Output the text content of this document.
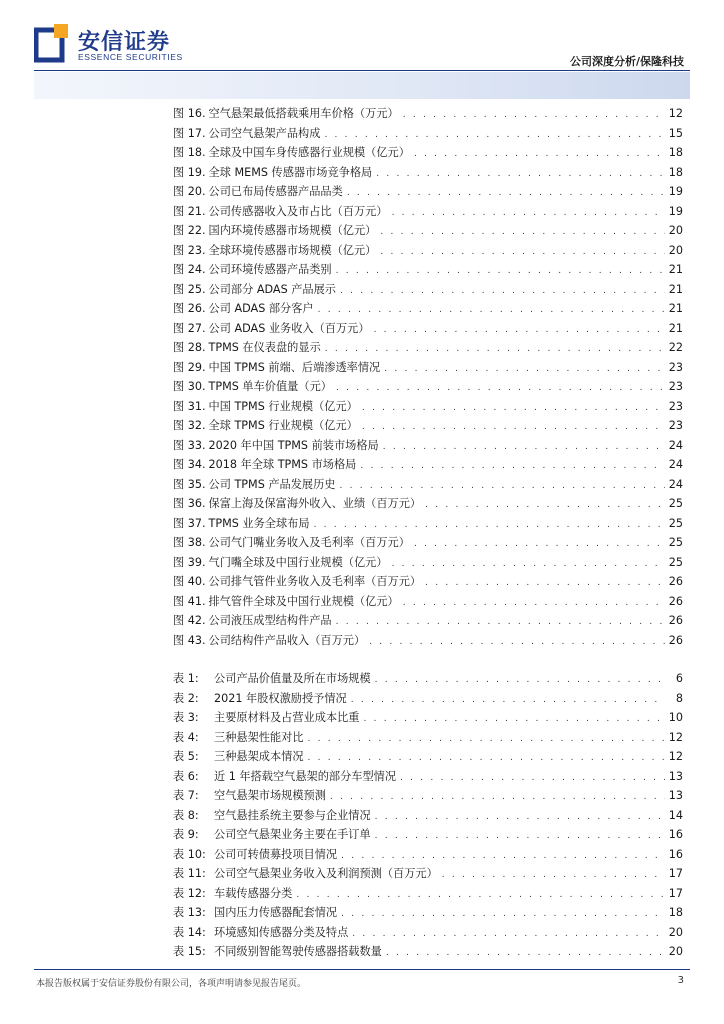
安信证券
ESSENCE SECURITIES	公司深度分析/保隆科技
图 16. 空气悬架最低搭载乘用车价格（万元） . . .	12
图 17. 公司空气悬架产品构成 . . .	15
图 18. 全球及中国车身传感器行业规模（亿元） . . .	18
图 19. 全球 MEMS 传感器市场竞争格局 . . .	18
图 20. 公司已布局传感器产品品类 . . .	19
图 21. 公司传感器收入及市占比（百万元） . . .	19
图 22. 国内环境传感器市场规模（亿元） . . .	20
图 23. 全球环境传感器市场规模（亿元） . . .	20
图 24. 公司环境传感器产品类别 . . .	21
图 25. 公司部分 ADAS 产品展示 . . .	21
图 26. 公司 ADAS 部分客户 . . .	21
图 27. 公司 ADAS 业务收入（百万元） . . .	21
图 28. TPMS 在仪表盘的显示 . . .	22
图 29. 中国 TPMS 前端、后端渗透率情况 . . .	23
图 30. TPMS 单车价值量（元） . . .	23
图 31. 中国 TPMS 行业规模（亿元） . . .	23
图 32. 全球 TPMS 行业规模（亿元） . . .	23
图 33. 2020 年中国 TPMS 前装市场格局 . . .	24
图 34. 2018 年全球 TPMS 市场格局 . . .	24
图 35. 公司 TPMS 产品发展历史 . . .	24
图 36. 保富上海及保富海外收入、业绩（百万元） . . .	25
图 37. TPMS 业务全球布局 . . .	25
图 38. 公司气门嘴业务收入及毛利率（百万元） . . .	25
图 39. 气门嘴全球及中国行业规模（亿元） . . .	25
图 40. 公司排气管件业务收入及毛利率（百万元） . . .	26
图 41. 排气管件全球及中国行业规模（亿元） . . .	26
图 42. 公司液压成型结构件产品 . . .	26
图 43. 公司结构件产品收入（百万元） . . .	26
表 1:	公司产品价值量及所在市场规模 . . .	6
表 2:	2021 年股权激励授予情况 . . .	8
表 3:	主要原材料及占营业成本比重 . . .	10
表 4:	三种悬架性能对比 . . .	12
表 5:	三种悬架成本情况 . . .	12
表 6:	近 1 年搭载空气悬架的部分车型情况 . . .	13
表 7:	空气悬架市场规模预测 . . .	13
表 8:	空气悬挂系统主要参与企业情况 . . .	14
表 9:	公司空气悬架业务主要在手订单 . . .	16
表 10: 公司可转债募投项目情况 . . .	16
表 11: 公司空气悬架业务收入及利润预测（百万元） . . .	17
表 12: 车载传感器分类 . . .	17
表 13: 国内压力传感器配套情况 . . .	18
表 14: 环境感知传感器分类及特点 . . .	20
表 15: 不同级别智能驾驶传感器搭载数量 . . .	20
本报告版权属于安信证券股份有限公司，各项声明请参见报告尾页。	3
